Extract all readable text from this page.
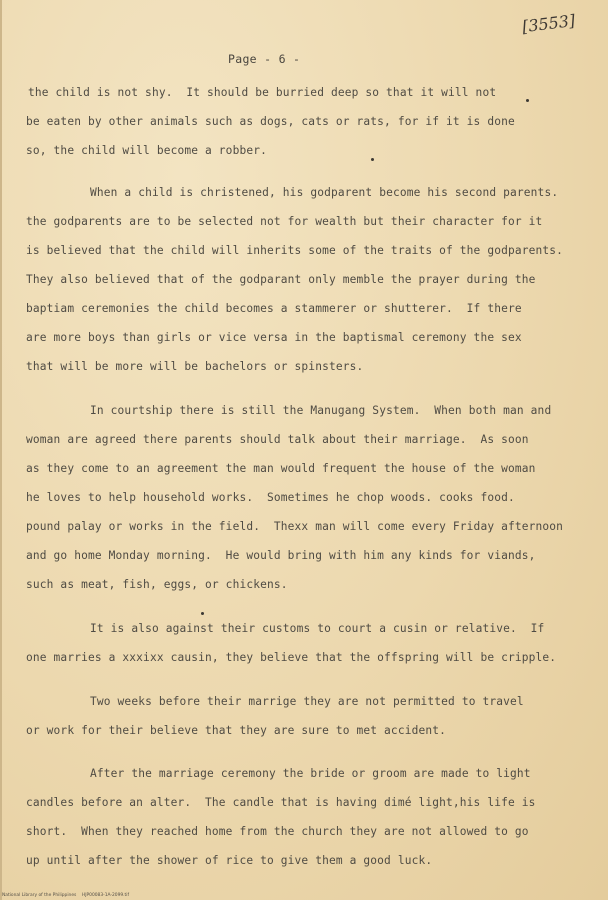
[3553]
Page - 6 -
the child is not shy.  It should be burried deep so that it will not
be eaten by other animals such as dogs, cats or rats, for if it is done
so, the child will become a robber.
When a child is christened, his godparent become his second parents.
the godparents are to be selected not for wealth but their character for it
is believed that the child will inherits some of the traits of the godparents.
They also believed that of the godparant only memble the prayer during the
baptiam ceremonies the child becomes a stammerer or shutterer.  If there
are more boys than girls or vice versa in the baptismal ceremony the sex
that will be more will be bachelors or spinsters.
In courtship there is still the Manugang System.  When both man and
woman are agreed there parents should talk about their marriage.  As soon
as they come to an agreement the man would frequent the house of the woman
he loves to help household works.  Sometimes he chop woods. cooks food.
pound palay or works in the field.  Thexx man will come every Friday afternoon
and go home Monday morning.  He would bring with him any kinds for viands,
such as meat, fish, eggs, or chickens.
It is also against their customs to court a cusin or relative.  If
one marries a xxxixx causin, they believe that the offspring will be cripple.
Two weeks before their marrige they are not permitted to travel
or work for their believe that they are sure to met accident.
After the marriage ceremony the bride or groom are made to light
candles before an alter.  The candle that is having dimé light,his life is
short.  When they reached home from the church they are not allowed to go
up until after the shower of rice to give them a good luck.
National Library of the Philippines    HJP00083-1A-2099.tif
